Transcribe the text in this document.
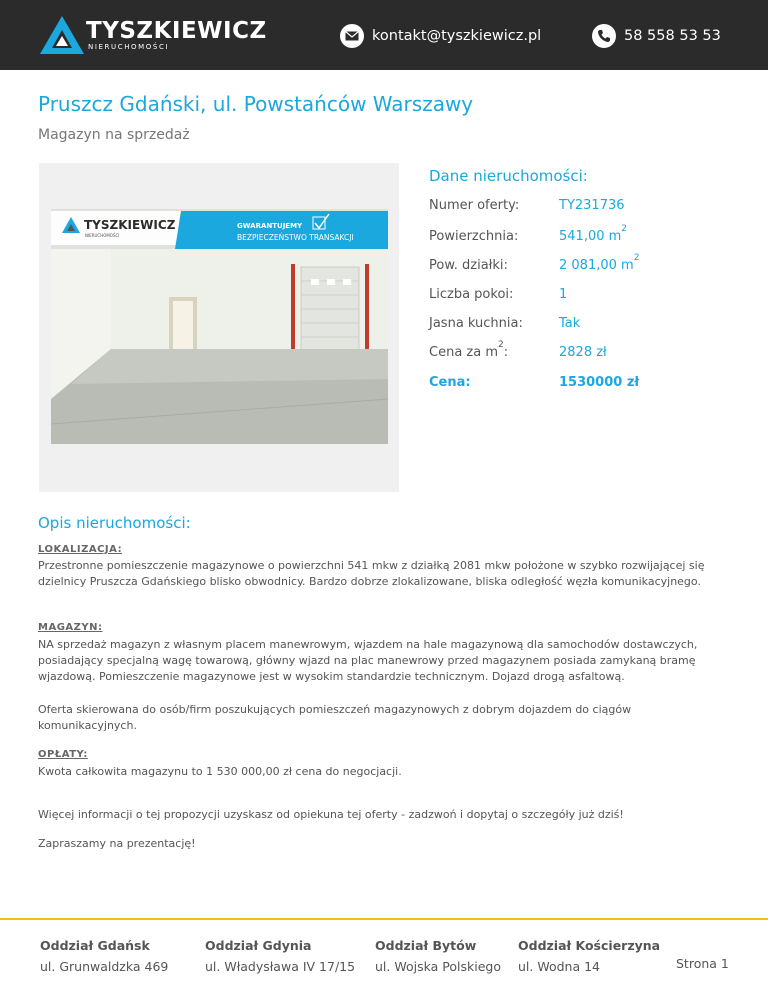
TYSZKIEWICZ
NIERUCHOMOŚCI
kontakt@tyszkiewicz.pl	58 558 53 53
Pruszcz Gdański, ul. Powstańców Warszawy
Magazyn na sprzedaż
TYSZKIEWICZ
NIERUCHOMOŚCI
GWARANTUJEMY
BEZPIECZEŃSTWO TRANSAKCJI
Dane nieruchomości:
Numer oferty:	TY231736
Powierzchnia:	541,00 $m^2$
Pow. działki:	2 081,00 $m^2$
Liczba pokoi:	1
Jasna kuchnia:	Tak
Cena za $m^2$:	2828 zł
Cena:	1530000 zł
Opis nieruchomości:
LOKALIZACJA:
Przestronne pomieszczenie magazynowe o powierzchni 541 mkw z działką 2081 mkw położone w szybko rozwijającej się dzielnicy Pruszcza Gdańskiego blisko obwodnicy. Bardzo dobrze zlokalizowane, bliska odległość węzła komunikacyjnego.
MAGAZYN:
NA sprzedaż magazyn z własnym placem manewrowym, wjazdem na hale magazynową dla samochodów dostawczych, posiadający specjalną wagę towarową, główny wjazd na plac manewrowy przed magazynem posiada zamykaną bramę wjazdową. Pomieszczenie magazynowe jest w wysokim standardzie technicznym. Dojazd drogą asfaltową.
Oferta skierowana do osób/firm poszukujących pomieszczeń magazynowych z dobrym dojazdem do ciągów komunikacyjnych.
OPŁATY:
Kwota całkowita magazynu to 1 530 000,00 zł cena do negocjacji.
Więcej informacji o tej propozycji uzyskasz od opiekuna tej oferty - zadzwoń i dopytaj o szczegóły już dziś!
Zapraszamy na prezentację!
Oddział Gdańsk
ul. Grunwaldzka 469
Oddział Gdynia
ul. Władysława IV 17/15
Oddział Bytów
ul. Wojska Polskiego
Oddział Kościerzyna
ul. Wodna 14	Strona 1
